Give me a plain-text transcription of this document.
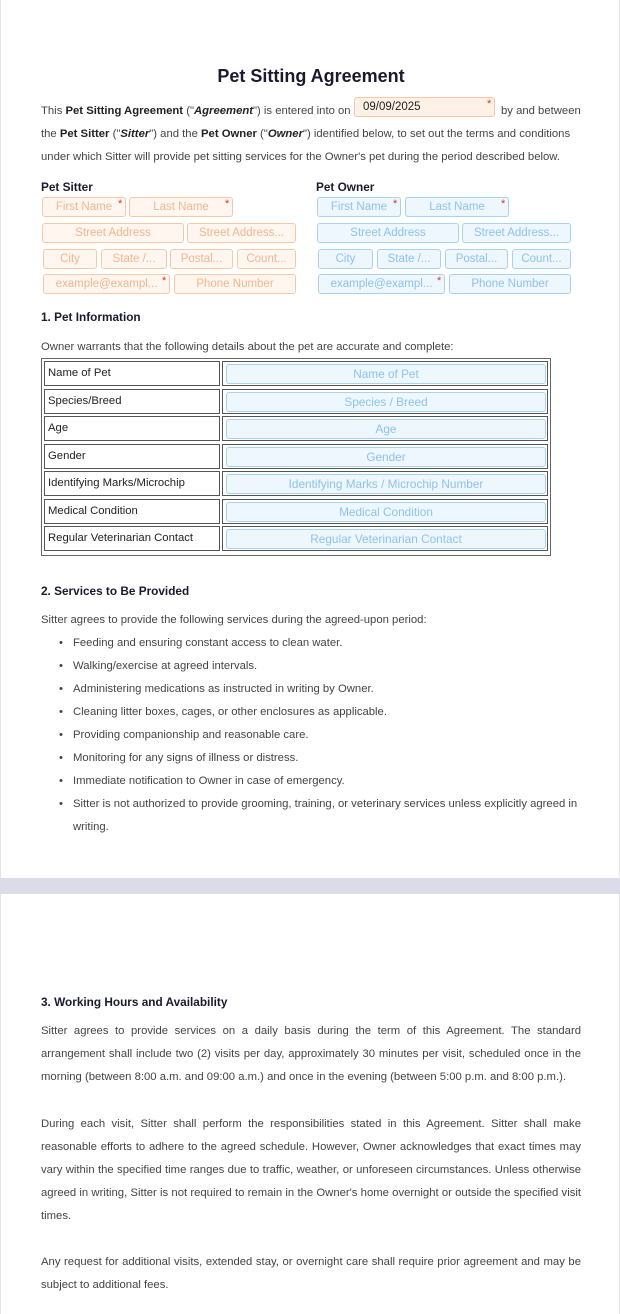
Pet Sitting Agreement
This Pet Sitting Agreement ("Agreement") is entered into on	09/09/2025	*
by and between
the Pet Sitter ("Sitter") and the Pet Owner ("Owner") identified below, to set out the terms and conditions
under which Sitter will provide pet sitting services for the Owner's pet during the period described below.
Pet Sitter
First Name *	Last Name	*
Street Address	Street Address...
City	State /...	Postal...	Count...
example@exampl... *	Phone Number
Pet Owner
First Name *	Last Name	*
Street Address	Street Address...
City	State /...	Postal...	Count...
example@exampl... *	Phone Number
1. Pet Information
Owner warrants that the following details about the pet are accurate and complete:
Name of Pet	Name of Pet
Species/Breed	Species / Breed
Age	Age
Gender	Gender
Identifying Marks/Microchip	Identifying Marks / Microchip Number
Medical Condition	Medical Condition
Regular Veterinarian Contact	Regular Veterinarian Contact
2. Services to Be Provided
Sitter agrees to provide the following services during the agreed-upon period:
• Feeding and ensuring constant access to clean water.
• Walking/exercise at agreed intervals.
• Administering medications as instructed in writing by Owner.
• Cleaning litter boxes, cages, or other enclosures as applicable.
• Providing companionship and reasonable care.
• Monitoring for any signs of illness or distress.
• Immediate notification to Owner in case of emergency.
• Sitter is not authorized to provide grooming, training, or veterinary services unless explicitly agreed in writing.
3. Working Hours and Availability
Sitter agrees to provide services on a daily basis during the term of this Agreement. The standard arrangement shall include two (2) visits per day, approximately 30 minutes per visit, scheduled once in the morning (between 8:00 a.m. and 09:00 a.m.) and once in the evening (between 5:00 p.m. and 8:00 p.m.).
During each visit, Sitter shall perform the responsibilities stated in this Agreement. Sitter shall make reasonable efforts to adhere to the agreed schedule. However, Owner acknowledges that exact times may vary within the specified time ranges due to traffic, weather, or unforeseen circumstances. Unless otherwise agreed in writing, Sitter is not required to remain in the Owner's home overnight or outside the specified visit times.
Any request for additional visits, extended stay, or overnight care shall require prior agreement and may be subject to additional fees.
